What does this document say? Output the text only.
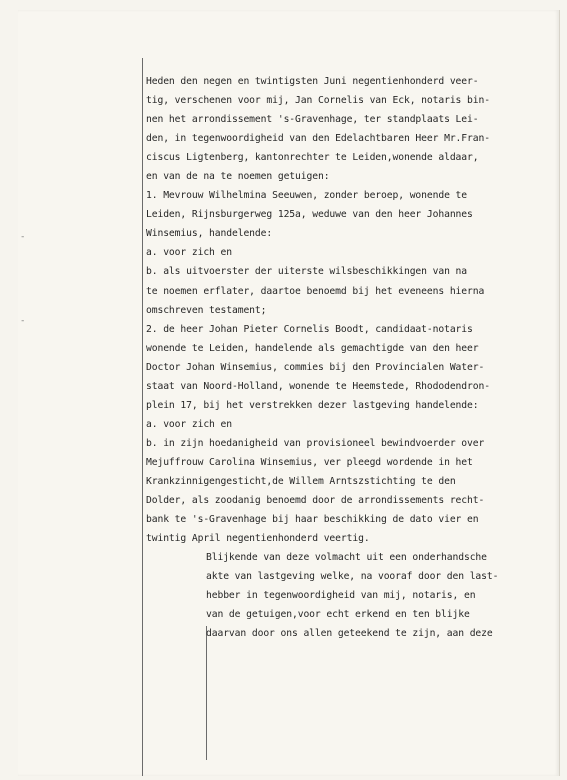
-
-
Heden den negen en twintigsten Juni negentienhonderd veer-
tig, verschenen voor mij, Jan Cornelis van Eck, notaris bin-
nen het arrondissement 's-Gravenhage, ter standplaats Lei-
den, in tegenwoordigheid van den Edelachtbaren Heer Mr.Fran-
ciscus Ligtenberg, kantonrechter te Leiden,wonende aldaar,
en van de na te noemen getuigen:
1. Mevrouw Wilhelmina Seeuwen, zonder beroep, wonende te
Leiden, Rijnsburgerweg 125a, weduwe van den heer Johannes
Winsemius, handelende:
a. voor zich en
b. als uitvoerster der uiterste wilsbeschikkingen van na
te noemen erflater, daartoe benoemd bij het eveneens hierna
omschreven testament;
2. de heer Johan Pieter Cornelis Boodt, candidaat-notaris
wonende te Leiden, handelende als gemachtigde van den heer
Doctor Johan Winsemius, commies bij den Provincialen Water-
staat van Noord-Holland, wonende te Heemstede, Rhododendron-
plein 17, bij het verstrekken dezer lastgeving handelende:
a. voor zich en
b. in zijn hoedanigheid van provisioneel bewindvoerder over
Mejuffrouw Carolina Winsemius, ver pleegd wordende in het
Krankzinnigengesticht,de Willem Arntszstichting te den
Dolder, als zoodanig benoemd door de arrondissements recht-
bank te 's-Gravenhage bij haar beschikking de dato vier en
twintig April negentienhonderd veertig.
Blijkende van deze volmacht uit een onderhandsche
akte van lastgeving welke, na vooraf door den last-
hebber in tegenwoordigheid van mij, notaris, en
van de getuigen,voor echt erkend en ten blijke
daarvan door ons allen geteekend te zijn, aan deze
